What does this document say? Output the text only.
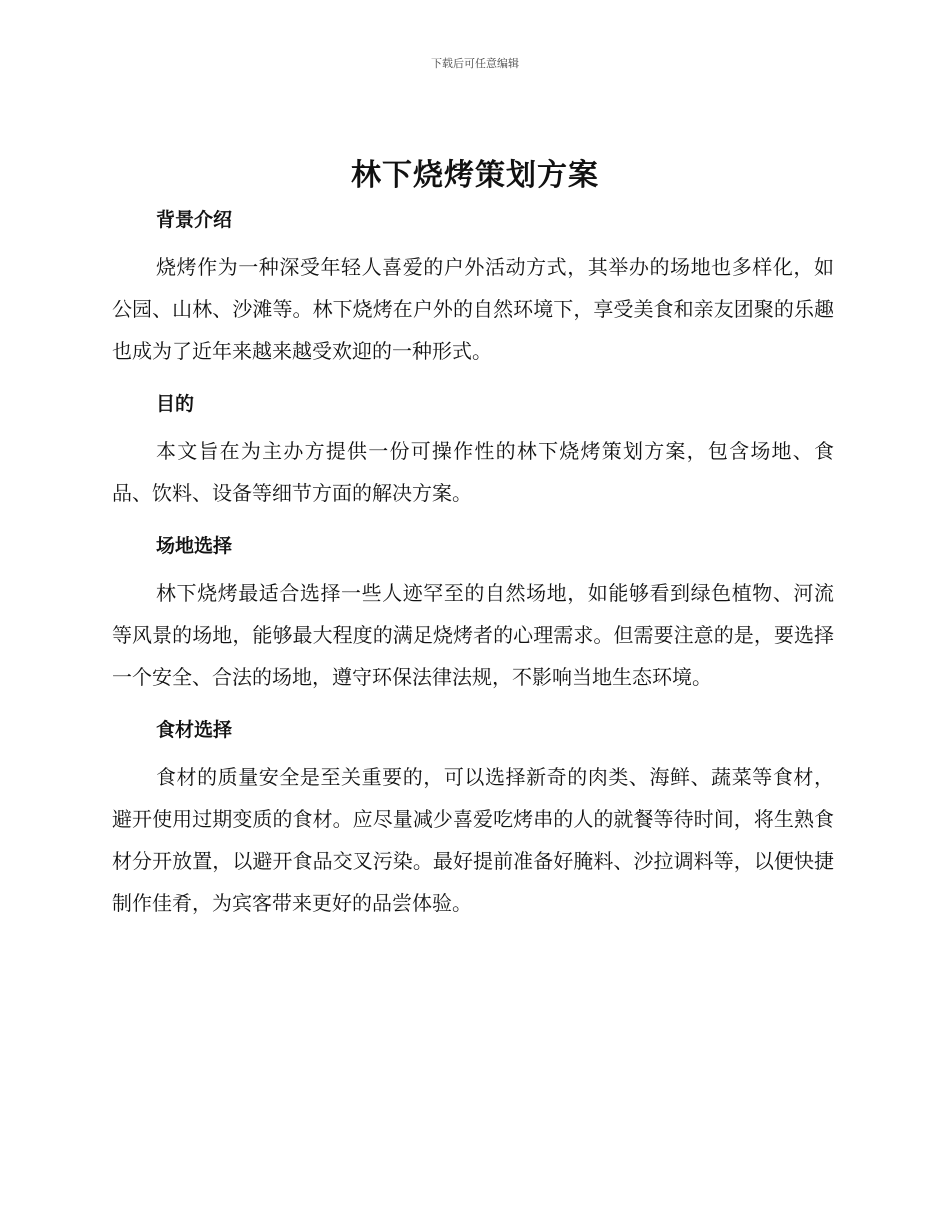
下载后可任意编辑
林下烧烤策划方案
背景介绍

烧烤作为一种深受年轻人喜爱的户外活动方式，其举办的场地也多样化，如公园、山林、沙滩等。林下烧烤在户外的自然环境下，享受美食和亲友团聚的乐趣也成为了近年来越来越受欢迎的一种形式。

目的

本文旨在为主办方提供一份可操作性的林下烧烤策划方案，包含场地、食品、饮料、设备等细节方面的解决方案。

场地选择

林下烧烤最适合选择一些人迹罕至的自然场地，如能够看到绿色植物、河流等风景的场地，能够最大程度的满足烧烤者的心理需求。但需要注意的是，要选择一个安全、合法的场地，遵守环保法律法规，不影响当地生态环境。

食材选择

食材的质量安全是至关重要的，可以选择新奇的肉类、海鲜、蔬菜等食材，避开使用过期变质的食材。应尽量减少喜爱吃烤串的人的就餐等待时间，将生熟食材分开放置，以避开食品交叉污染。最好提前准备好腌料、沙拉调料等，以便快捷制作佳肴，为宾客带来更好的品尝体验。
